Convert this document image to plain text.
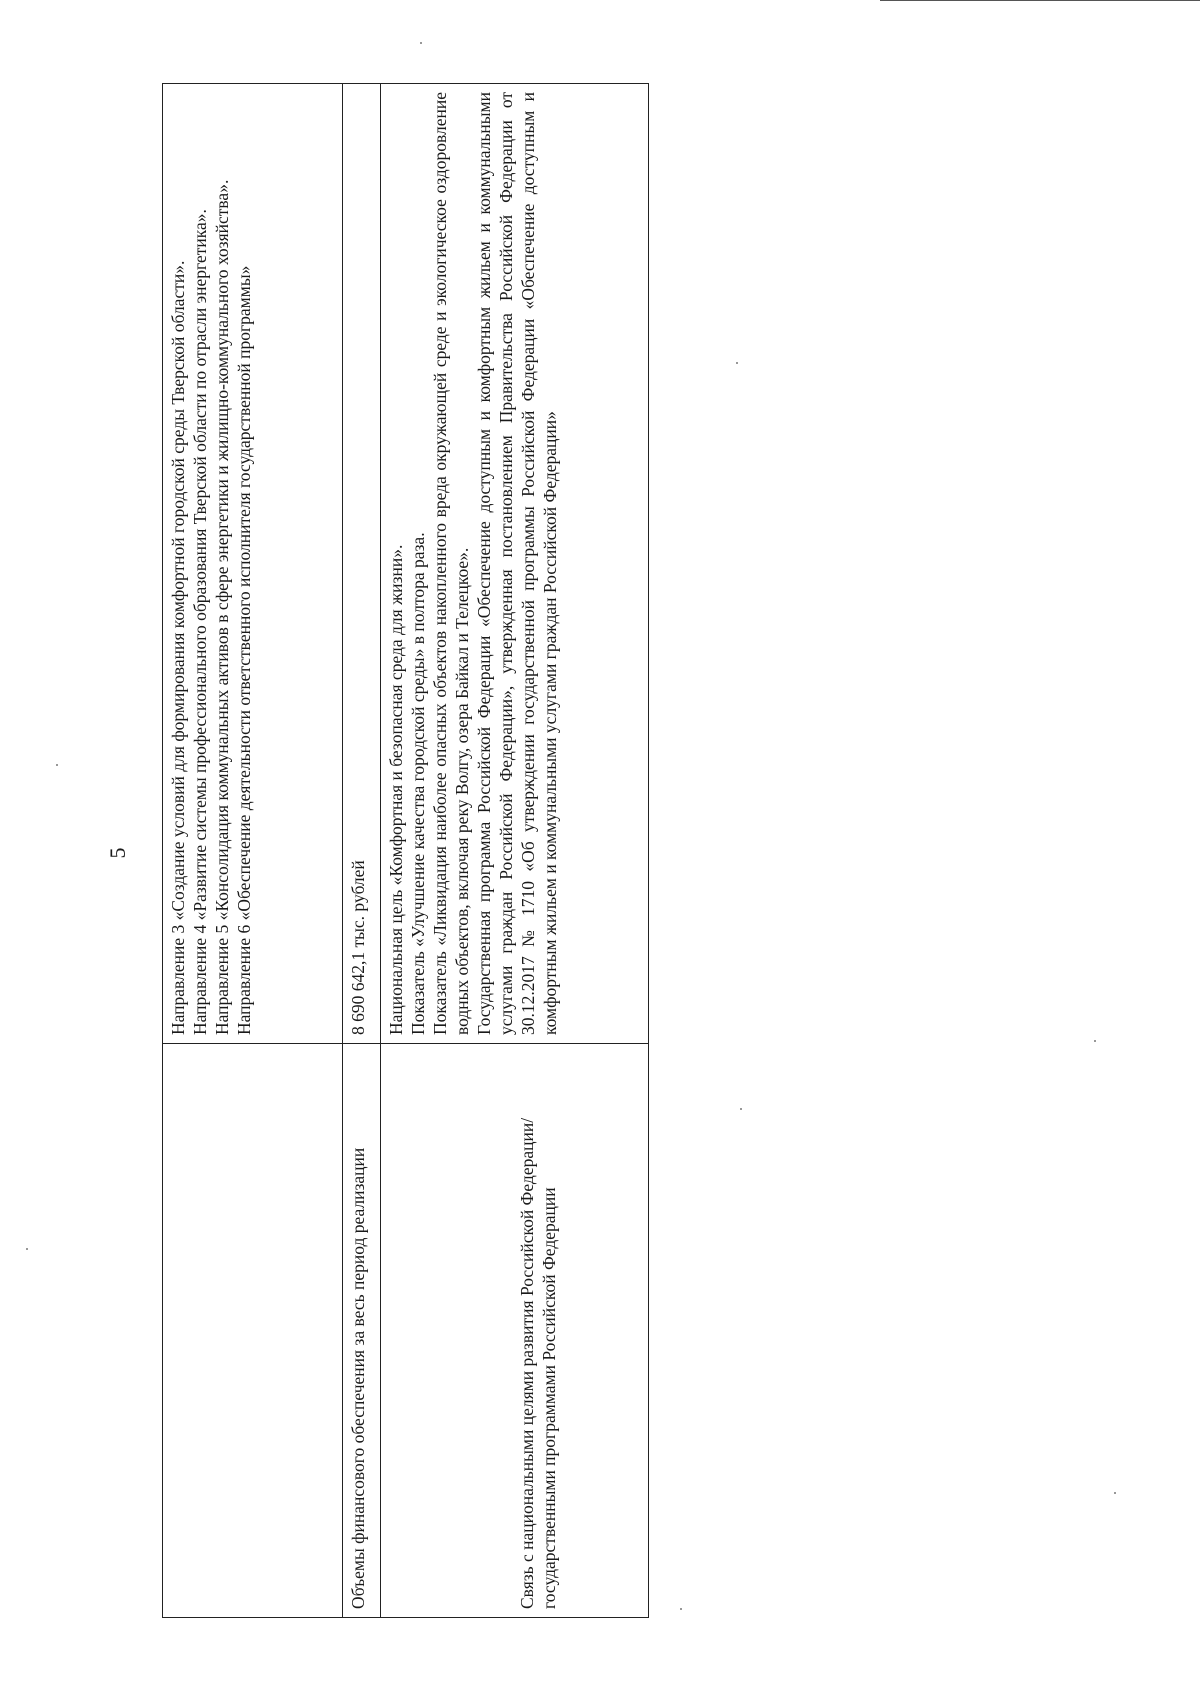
5

	Направление 3 «Создание условий для формирования комфортной городской среды Тверской области». Направление 4 «Развитие системы профессионального образования Тверской области по отрасли энергетика». Направление 5 «Консолидация коммунальных активов в сфере энергетики и жилищно-коммунального хозяйства». Направление 6 «Обеспечение деятельности ответственного исполнителя государственной программы»

Объемы финансового обеспечения за весь период реализации	8 690 642,1 тыс. рублей

Связь с национальными целями развития Российской Федерации/ государственными программами Российской Федерации	Национальная цель «Комфортная и безопасная среда для жизни». Показатель «Улучшение качества городской среды» в полтора раза. Показатель «Ликвидация наиболее опасных объектов накопленного вреда окружающей среде и экологическое оздоровление водных объектов, включая реку Волгу, озера Байкал и Телецкое». Государственная программа Российской Федерации «Обеспечение доступным и комфортным жильем и коммунальными услугами граждан Российской Федерации», утвержденная постановлением Правительства Российской Федерации от 30.12.2017 № 1710 «Об утверждении государственной программы Российской Федерации «Обеспечение доступным и комфортным жильем и коммунальными услугами граждан Российской Федерации»
